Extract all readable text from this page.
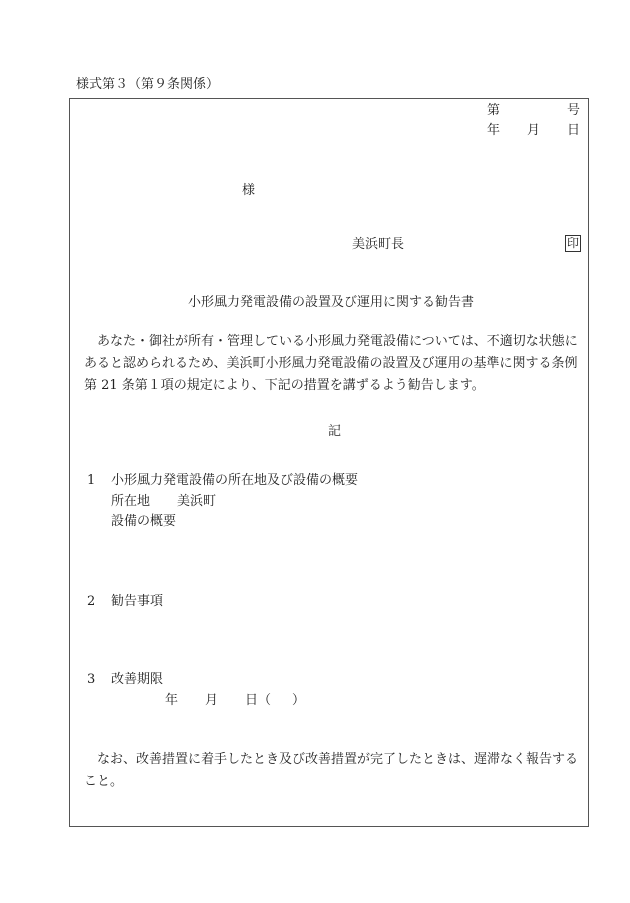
様式第３（第９条関係）
第	号
年 月 日
様
美浜町長	印
小形風力発電設備の設置及び運用に関する勧告書
あなた・御社が所有・管理している小形風力発電設備については、不適切な状態に
あると認められるため、美浜町小形風力発電設備の設置及び運用の基準に関する条例
第 21 条第１項の規定により、下記の措置を講ずるよう勧告します。
記
1 小形風力発電設備の所在地及び設備の概要
所在地 美浜町
設備の概要
2 勧告事項
3 改善期限
年 月 日 （ ）
なお、改善措置に着手したとき及び改善措置が完了したときは、遅滞なく報告する
こと。
